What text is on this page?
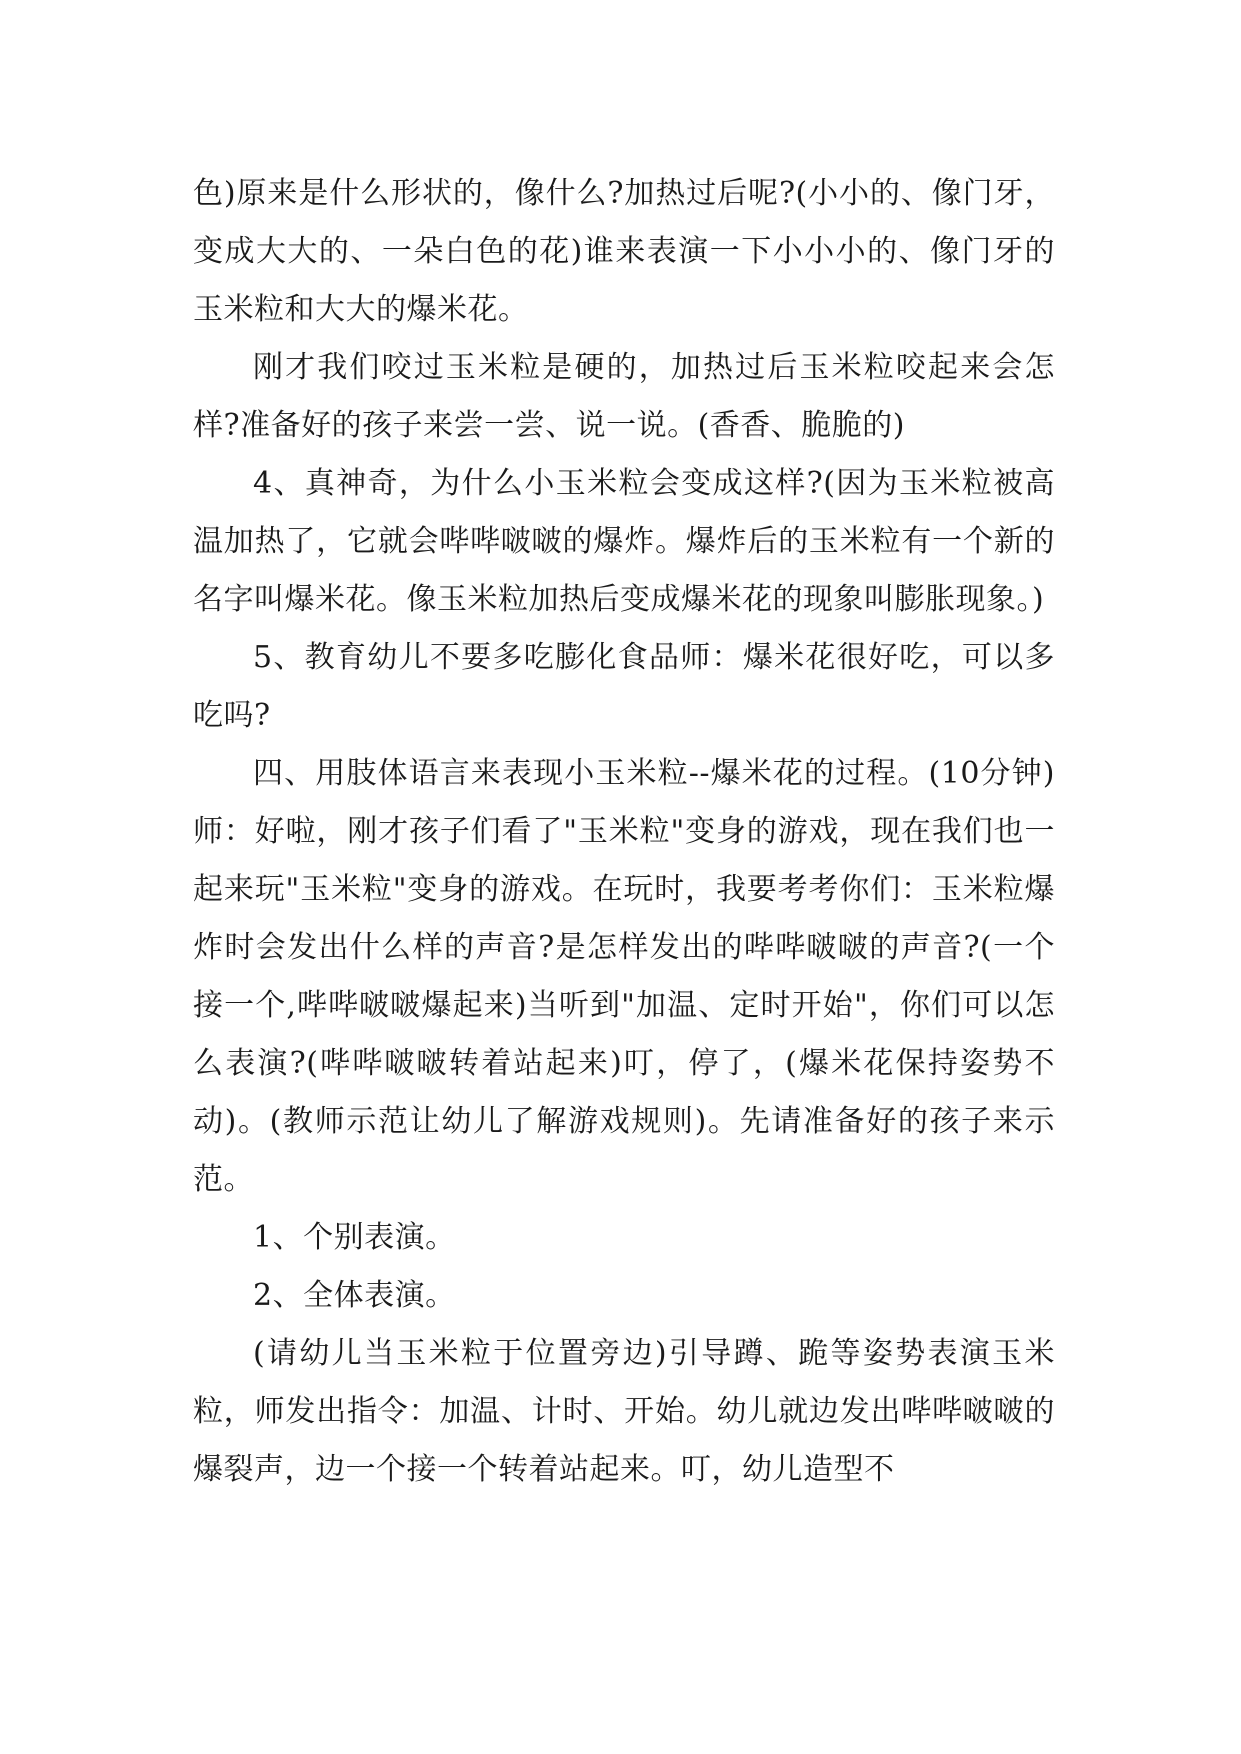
色)原来是什么形状的，像什么?加热过后呢?(小小的、像门牙，变成大大的、一朵白色的花)谁来表演一下小小小的、像门牙的玉米粒和大大的爆米花。

刚才我们咬过玉米粒是硬的，加热过后玉米粒咬起来会怎样?准备好的孩子来尝一尝、说一说。(香香、脆脆的)

4、真神奇，为什么小玉米粒会变成这样?(因为玉米粒被高温加热了，它就会哔哔啵啵的爆炸。爆炸后的玉米粒有一个新的名字叫爆米花。像玉米粒加热后变成爆米花的现象叫膨胀现象。)

5、教育幼儿不要多吃膨化食品师：爆米花很好吃，可以多吃吗?

四、用肢体语言来表现小玉米粒--爆米花的过程。(10分钟)师：好啦，刚才孩子们看了"玉米粒"变身的游戏，现在我们也一起来玩"玉米粒"变身的游戏。在玩时，我要考考你们：玉米粒爆炸时会发出什么样的声音?是怎样发出的哔哔啵啵的声音?(一个接一个,哔哔啵啵爆起来)当听到"加温、定时开始"，你们可以怎么表演?(哔哔啵啵转着站起来)叮，停了，(爆米花保持姿势不动)。(教师示范让幼儿了解游戏规则)。先请准备好的孩子来示范。

1、个别表演。

2、全体表演。

(请幼儿当玉米粒于位置旁边)引导蹲、跪等姿势表演玉米粒，师发出指令：加温、计时、开始。幼儿就边发出哔哔啵啵的爆裂声，边一个接一个转着站起来。叮，幼儿造型不
